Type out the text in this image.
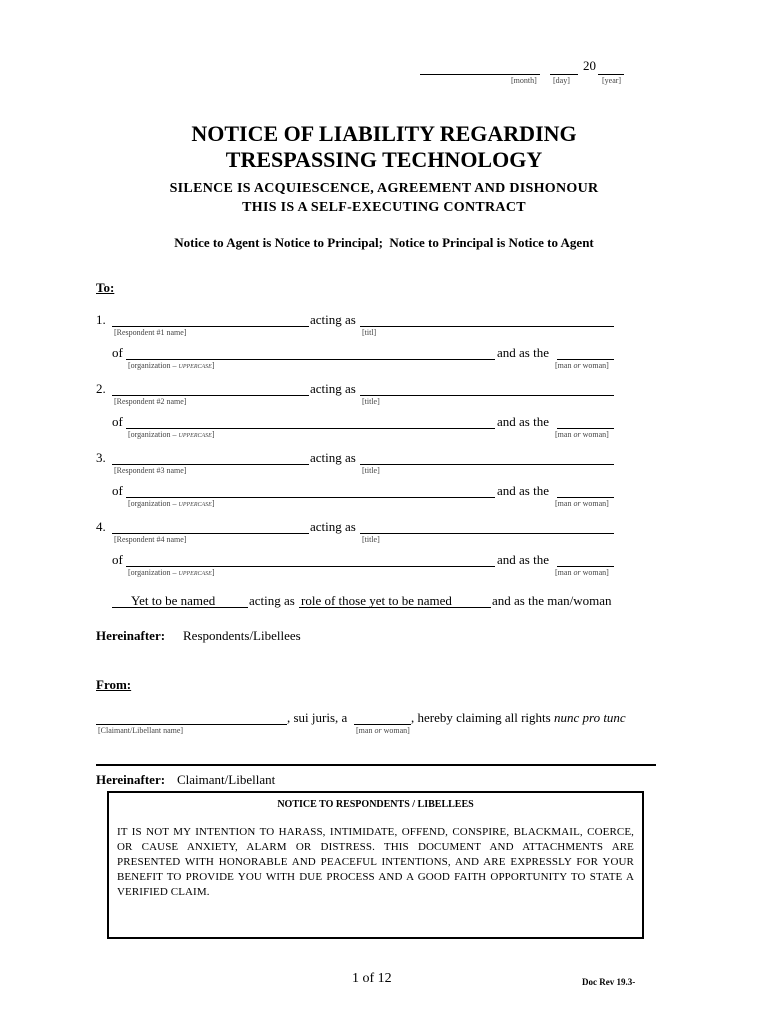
20
[month] [day]	[year]
NOTICE OF LIABILITY REGARDING
TRESPASSING TECHNOLOGY
SILENCE IS ACQUIESCENCE, AGREEMENT AND DISHONOUR
THIS IS A SELF-EXECUTING CONTRACT
Notice to Agent is Notice to Principal;  Notice to Principal is Notice to Agent
To:
1.	acting as
[Respondent #1 name]	[titl]
of	and as the
[organization – uppercase]	[man or woman]
2.	acting as
[Respondent #2 name]	[title]
of	and as the
[organization – uppercase]	[man or woman]
3.	acting as
[Respondent #3 name]	[title]
of	and as the
[organization – uppercase]	[man or woman]
4.	acting as
[Respondent #4 name]	[title]
of	and as the
[organization – uppercase]	[man or woman]
Yet to be named	acting as role of those yet to be named	and as the man/woman
Hereinafter: Respondents/Libellees
From:
, sui juris, a	, hereby claiming all rights nunc pro tunc
[Claimant/Libellant name]	[man or woman]
Hereinafter: Claimant/Libellant
NOTICE TO RESPONDENTS / LIBELLEES
IT IS NOT MY INTENTION TO HARASS, INTIMIDATE, OFFEND, CONSPIRE, BLACKMAIL, COERCE, OR CAUSE ANXIETY, ALARM OR DISTRESS. THIS DOCUMENT AND ATTACHMENTS ARE PRESENTED WITH HONORABLE AND PEACEFUL INTENTIONS, AND ARE EXPRESSLY FOR YOUR BENEFIT TO PROVIDE YOU WITH DUE PROCESS AND A GOOD FAITH OPPORTUNITY TO STATE A VERIFIED CLAIM.
1 of 12	Doc Rev 19.3-
